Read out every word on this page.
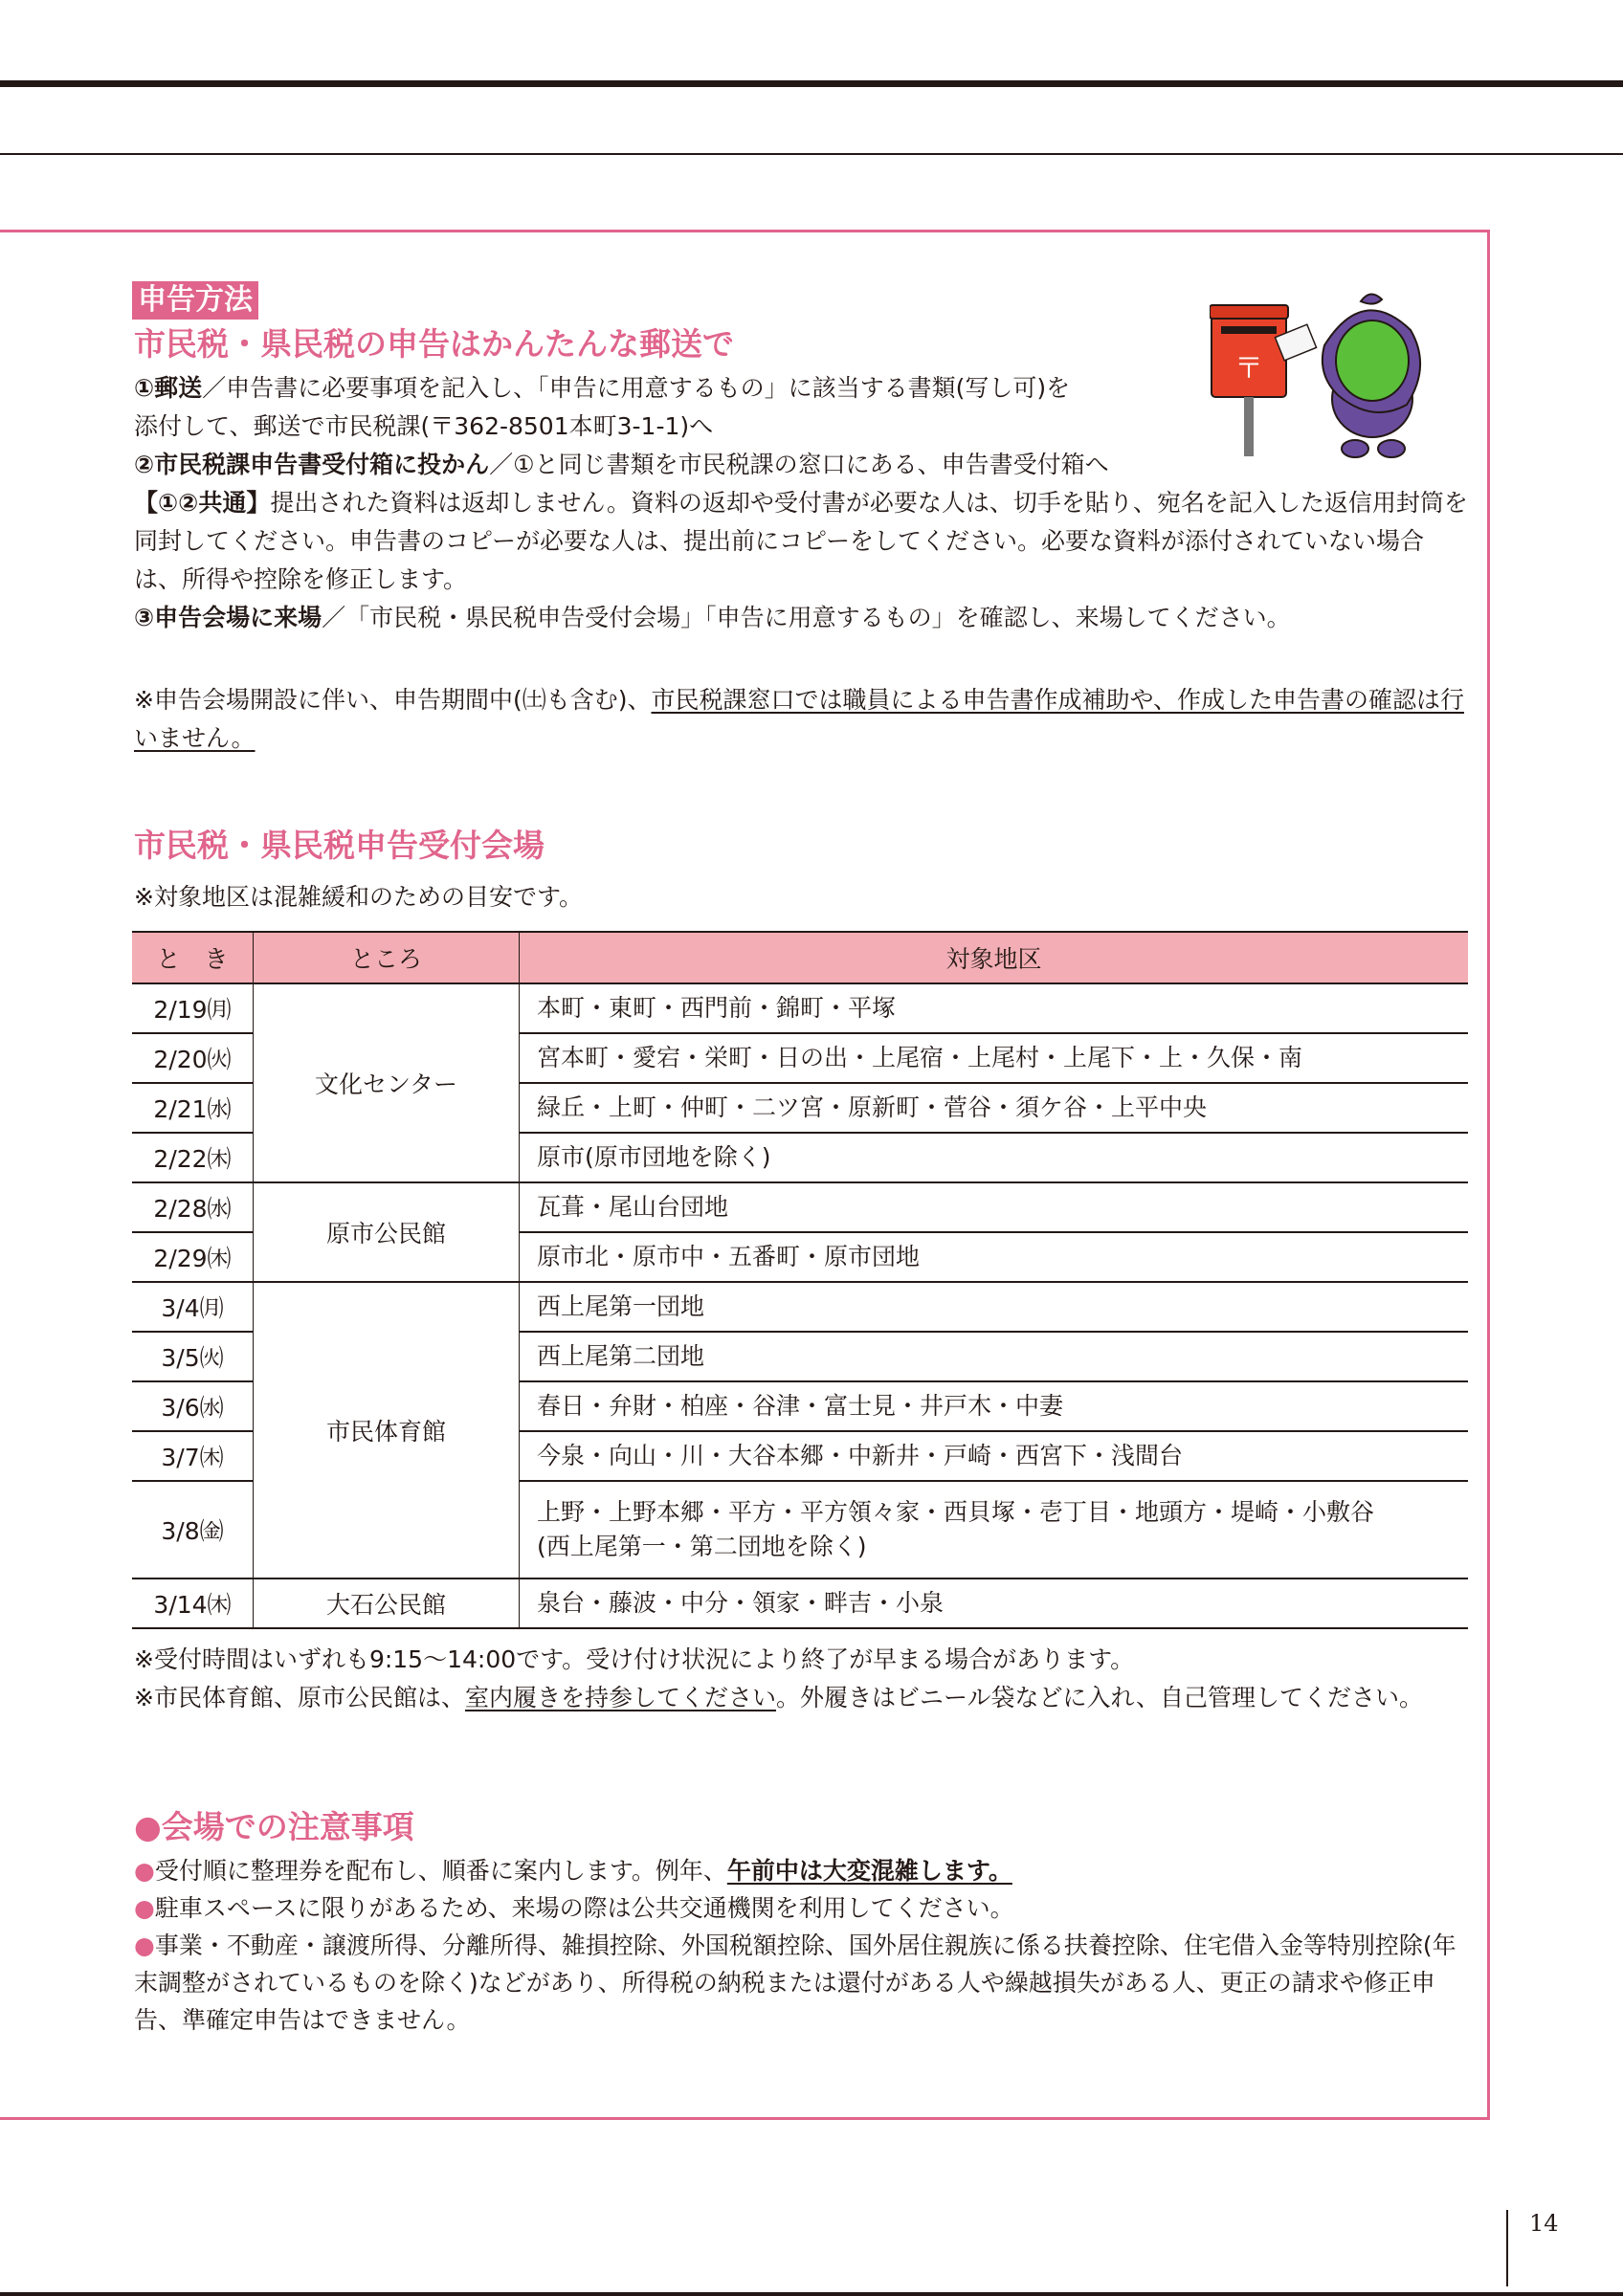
申告方法
市民税・県民税の申告はかんたんな郵送で
①郵送／申告書に必要事項を記入し、「申告に用意するもの」に該当する書類(写し可)を
添付して、郵送で市民税課(〒362-8501本町3-1-1)へ
②市民税課申告書受付箱に投かん／①と同じ書類を市民税課の窓口にある、申告書受付箱へ
【①②共通】提出された資料は返却しません。資料の返却や受付書が必要な人は、切手を貼り、宛名を記入した返信用封筒を同封してください。申告書のコピーが必要な人は、提出前にコピーをしてください。必要な資料が添付されていない場合は、所得や控除を修正します。
③申告会場に来場／「市民税・県民税申告受付会場」「申告に用意するもの」を確認し、来場してください。
※申告会場開設に伴い、申告期間中(㈯も含む)、市民税課窓口では職員による申告書作成補助や、作成した申告書の確認は行いません。
〒
市民税・県民税申告受付会場
※対象地区は混雑緩和のための目安です。
と　き	ところ	対象地区
2/19㈪	文化センター	本町・東町・西門前・錦町・平塚
2/20㈫		宮本町・愛宕・栄町・日の出・上尾宿・上尾村・上尾下・上・久保・南
2/21㈬		緑丘・上町・仲町・二ツ宮・原新町・菅谷・須ケ谷・上平中央
2/22㈭		原市(原市団地を除く)
2/28㈬	原市公民館	瓦葺・尾山台団地
2/29㈭		原市北・原市中・五番町・原市団地
3/4㈪	市民体育館	西上尾第一団地
3/5㈫		西上尾第二団地
3/6㈬		春日・弁財・柏座・谷津・富士見・井戸木・中妻
3/7㈭		今泉・向山・川・大谷本郷・中新井・戸崎・西宮下・浅間台
3/8㈮		上野・上野本郷・平方・平方領々家・西貝塚・壱丁目・地頭方・堤崎・小敷谷
(西上尾第一・第二団地を除く)
3/14㈭	大石公民館	泉台・藤波・中分・領家・畔吉・小泉
※受付時間はいずれも9:15～14:00です。受け付け状況により終了が早まる場合があります。
※市民体育館、原市公民館は、室内履きを持参してください。外履きはビニール袋などに入れ、自己管理してください。
●会場での注意事項
●受付順に整理券を配布し、順番に案内します。例年、午前中は大変混雑します。
●駐車スペースに限りがあるため、来場の際は公共交通機関を利用してください。
●事業・不動産・譲渡所得、分離所得、雑損控除、外国税額控除、国外居住親族に係る扶養控除、住宅借入金等特別控除(年末調整がされているものを除く)などがあり、所得税の納税または還付がある人や繰越損失がある人、更正の請求や修正申告、準確定申告はできません。
14
